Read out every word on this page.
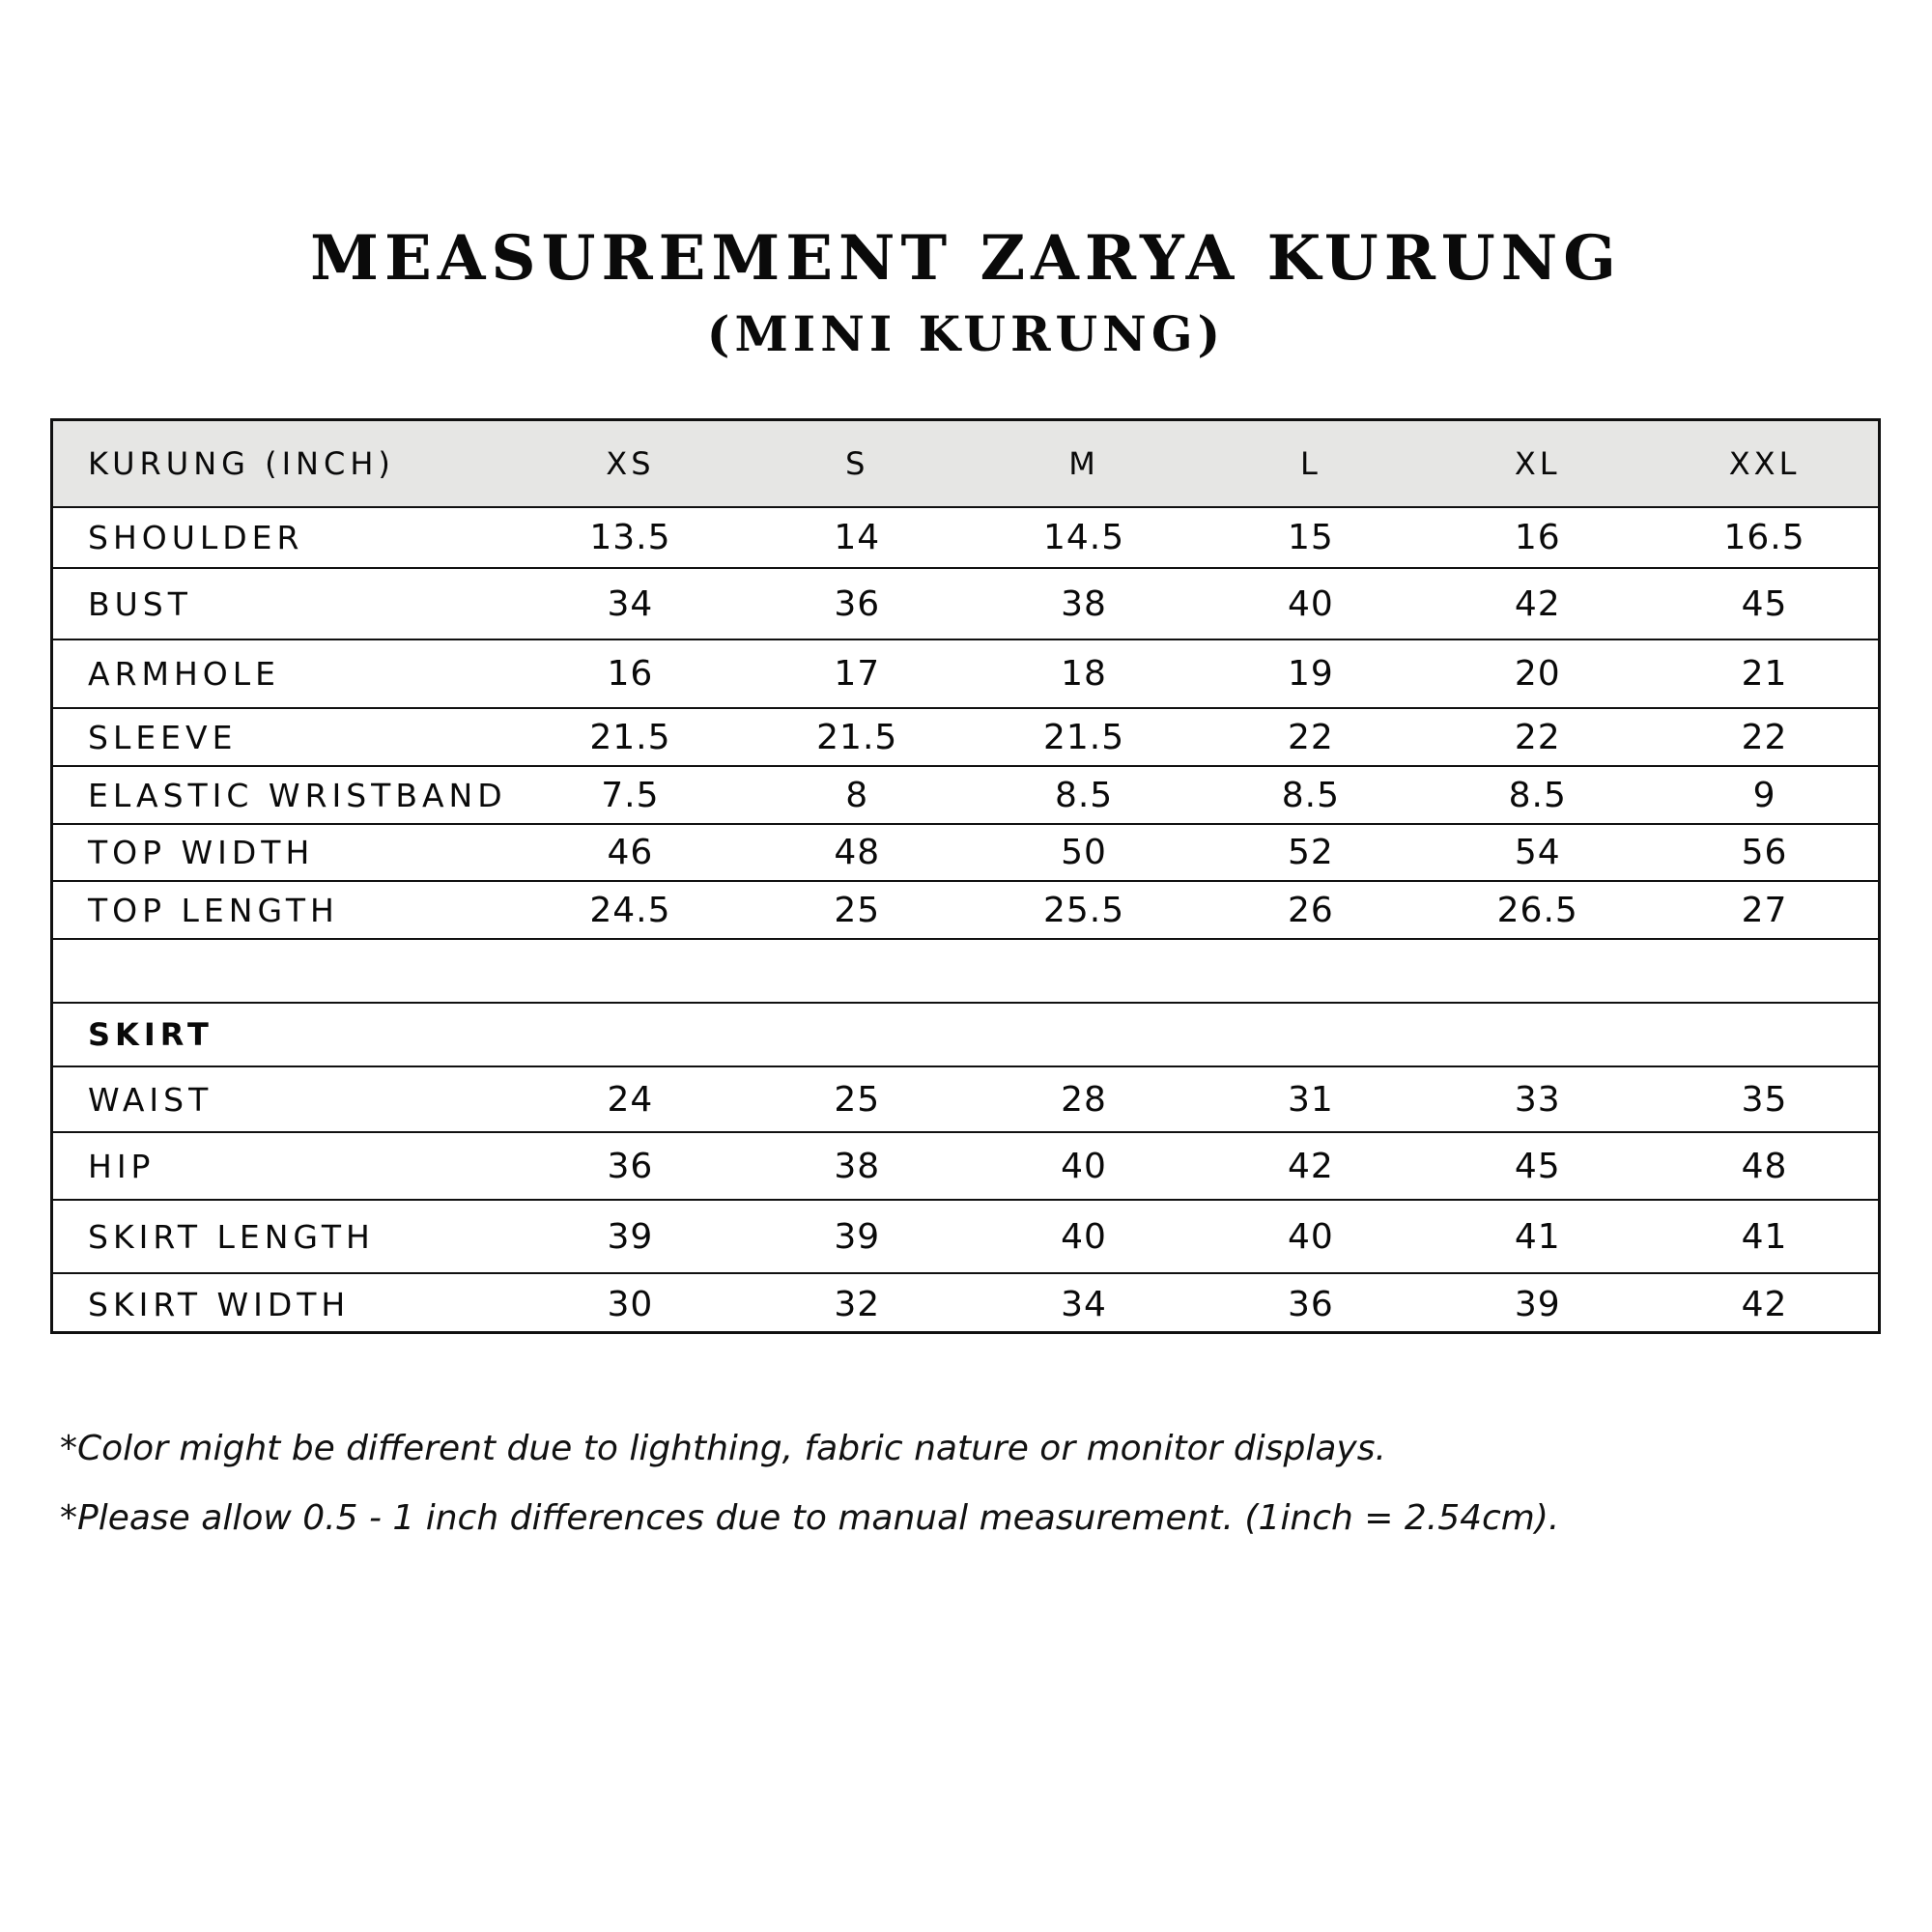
MEASUREMENT ZARYA KURUNG
(MINI KURUNG)
KURUNG (INCH)	XS	S	M	L	XL	XXL
SHOULDER	13.5	14	14.5	15	16	16.5
BUST	34	36	38	40	42	45
ARMHOLE	16	17	18	19	20	21
SLEEVE	21.5	21.5	21.5	22	22	22
ELASTIC WRISTBAND	7.5	8	8.5	8.5	8.5	9
TOP WIDTH	46	48	50	52	54	56
TOP LENGTH	24.5	25	25.5	26	26.5	27

SKIRT						
WAIST	24	25	28	31	33	35
HIP	36	38	40	42	45	48
SKIRT LENGTH	39	39	40	40	41	41
SKIRT WIDTH	30	32	34	36	39	42

*Color might be different due to lighthing, fabric nature or monitor displays.

*Please allow 0.5 - 1 inch differences due to manual measurement. (1inch = 2.54cm).
